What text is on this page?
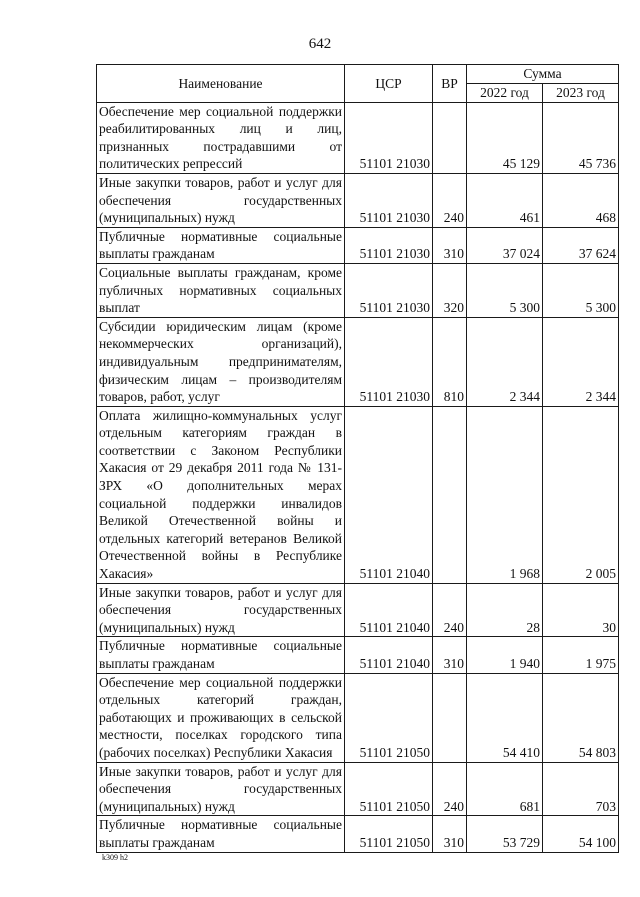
642
Наименование	ЦСР	ВР	Сумма	
			2022 год	2023 год
Обеспечение мер социальной поддержки реабилитированных лиц и лиц, признанных пострадавшими от политических репрессий	51101 21030		45 129	45 736
Иные закупки товаров, работ и услуг для обеспечения государственных (муниципальных) нужд	51101 21030	240	461	468
Публичные нормативные социальные выплаты гражданам	51101 21030	310	37 024	37 624
Социальные выплаты гражданам, кроме публичных нормативных социальных выплат	51101 21030	320	5 300	5 300
Субсидии юридическим лицам (кроме некоммерческих организаций), индивидуальным предпринимателям, физическим лицам – производителям товаров, работ, услуг	51101 21030	810	2 344	2 344
Оплата жилищно-коммунальных услуг отдельным категориям граждан в соответствии с Законом Республики Хакасия от 29 декабря 2011 года № 131-ЗРХ «О дополнительных мерах социальной поддержки инвалидов Великой Отечественной войны и отдельных категорий ветеранов Великой Отечественной войны в Республике Хакасия»	51101 21040		1 968	2 005
Иные закупки товаров, работ и услуг для обеспечения государственных (муниципальных) нужд	51101 21040	240	28	30
Публичные нормативные социальные выплаты гражданам	51101 21040	310	1 940	1 975
Обеспечение мер социальной поддержки отдельных категорий граждан, работающих и проживающих в сельской местности, поселках городского типа (рабочих поселках) Республики Хакасия	51101 21050		54 410	54 803
Иные закупки товаров, работ и услуг для обеспечения государственных (муниципальных) нужд	51101 21050	240	681	703
Публичные нормативные социальные выплаты гражданам	51101 21050	310	53 729	54 100
k309 h2
